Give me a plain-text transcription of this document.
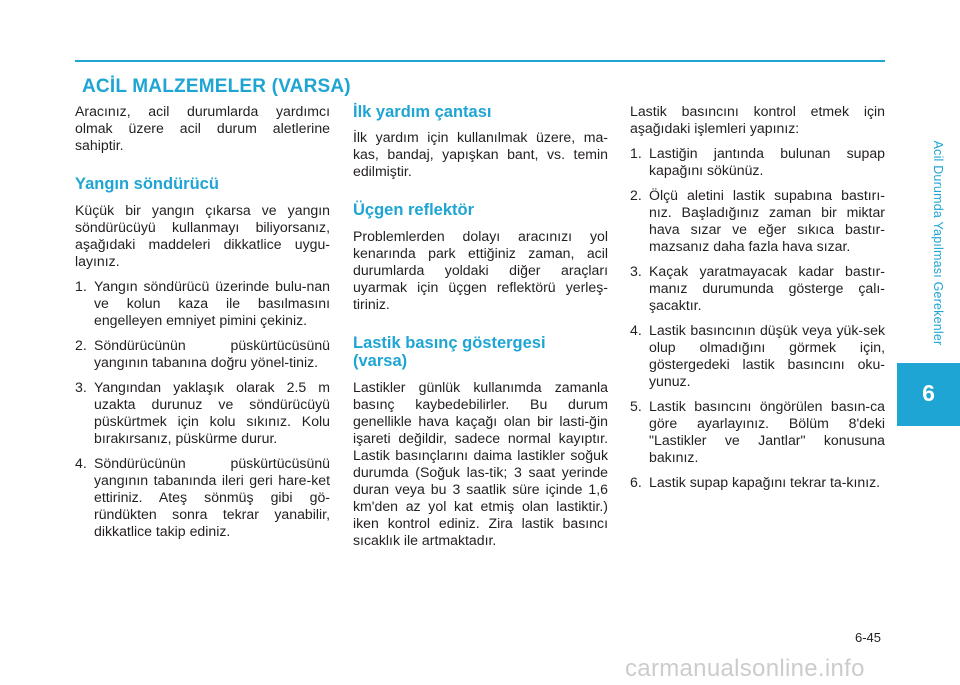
ACİL MALZEMELER (VARSA)

Aracınız, acil durumlarda yardımcı olmak üzere acil durum aletlerine sahiptir.

Yangın söndürücü

Küçük bir yangın çıkarsa ve yangın söndürücüyü kullanmayı biliyorsanız, aşağıdaki maddeleri dikkatlice uygu-layınız.

1. Yangın söndürücü üzerinde bulu-nan ve kolun kaza ile basılmasını engelleyen emniyet pimini çekiniz.
2. Söndürücünün püskürtücüsünü yangının tabanına doğru yönel-tiniz.
3. Yangından yaklaşık olarak 2.5 m uzakta durunuz ve söndürücüyü püskürtmek için kolu sıkınız. Kolu bırakırsanız, püskürme durur.
4. Söndürücünün püskürtücüsünü yangının tabanında ileri geri hare-ket ettiriniz. Ateş sönmüş gibi gö-ründükten sonra tekrar yanabilir, dikkatlice takip ediniz.
İlk yardım çantası

İlk yardım için kullanılmak üzere, ma-kas, bandaj, yapışkan bant, vs. temin edilmiştir.

Üçgen reflektör

Problemlerden dolayı aracınızı yol kenarında park ettiğiniz zaman, acil durumlarda yoldaki diğer araçları uyarmak için üçgen reflektörü yerleş-tiriniz.

Lastik basınç göstergesi
(varsa)

Lastikler günlük kullanımda zamanla basınç kaybedebilirler. Bu durum genellikle hava kaçağı olan bir lasti-ğin işareti değildir, sadece normal kayıptır. Lastik basınçlarını daima lastikler soğuk durumda (Soğuk las-tik; 3 saat yerinde duran veya bu 3 saatlik süre içinde 1,6 km'den az yol kat etmiş olan lastiktir.) iken kontrol ediniz. Zira lastik basıncı sıcaklık ile artmaktadır.

Lastik basıncını kontrol etmek için aşağıdaki işlemleri yapınız:

1. Lastiğin jantında bulunan supap kapağını sökünüz.
2. Ölçü aletini lastik supabına bastırı-nız. Başladığınız zaman bir miktar hava sızar ve eğer sıkıca bastır-mazsanız daha fazla hava sızar.
3. Kaçak yaratmayacak kadar bastır-manız durumunda gösterge çalı-şacaktır.
4. Lastik basıncının düşük veya yük-sek olup olmadığını görmek için, göstergedeki lastik basıncını oku-yunuz.
5. Lastik basıncını öngörülen basın-ca göre ayarlayınız. Bölüm 8'deki "Lastikler ve Jantlar" konusuna bakınız.
6. Lastik supap kapağını tekrar ta-kınız.
Acil Durumda Yapılması Gerekenler
6
6-45
carmanualsonline.info
